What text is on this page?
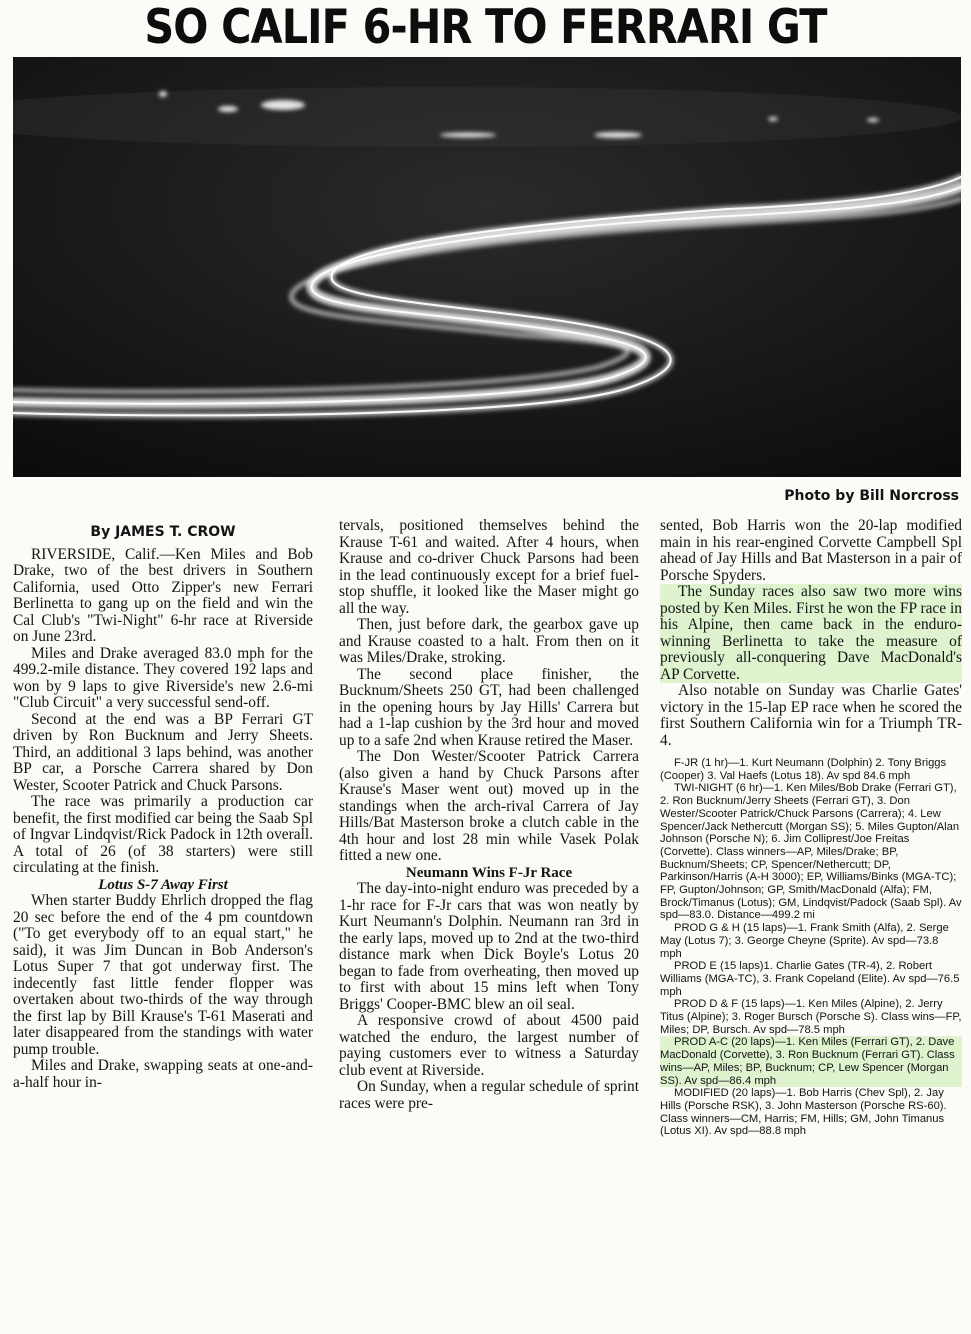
SO CALIF 6-HR TO FERRARI GT
Photo by Bill Norcross
By JAMES T. CROW

RIVERSIDE, Calif.—Ken Miles and Bob Drake, two of the best drivers in Southern California, used Otto Zipper's new Ferrari Berlinetta to gang up on the field and win the Cal Club's "Twi-Night" 6-hr race at Riverside on June 23rd.

Miles and Drake averaged 83.0 mph for the 499.2-mile distance. They covered 192 laps and won by 9 laps to give Riverside's new 2.6-mi "Club Circuit" a very successful send-off.

Second at the end was a BP Ferrari GT driven by Ron Bucknum and Jerry Sheets. Third, an additional 3 laps behind, was another BP car, a Porsche Carrera shared by Don Wester, Scooter Patrick and Chuck Parsons.

The race was primarily a production car benefit, the first modified car being the Saab Spl of Ingvar Lindqvist/Rick Padock in 12th overall. A total of 26 (of 38 starters) were still circulating at the finish.

Lotus S-7 Away First

When starter Buddy Ehrlich dropped the flag 20 sec before the end of the 4 pm countdown ("To get everybody off to an equal start," he said), it was Jim Duncan in Bob Anderson's Lotus Super 7 that got underway first. The indecently fast little fender flopper was overtaken about two-thirds of the way through the first lap by Bill Krause's T-61 Maserati and later disappeared from the standings with water pump trouble.

Miles and Drake, swapping seats at one-and-a-half hour in-

tervals, positioned themselves behind the Krause T-61 and waited. After 4 hours, when Krause and co-driver Chuck Parsons had been in the lead continuously except for a brief fuel-stop shuffle, it looked like the Maser might go all the way.

Then, just before dark, the gearbox gave up and Krause coasted to a halt. From then on it was Miles/Drake, stroking.

The second place finisher, the Bucknum/Sheets 250 GT, had been challenged in the opening hours by Jay Hills' Carrera but had a 1-lap cushion by the 3rd hour and moved up to a safe 2nd when Krause retired the Maser.

The Don Wester/Scooter Patrick Carrera (also given a hand by Chuck Parsons after Krause's Maser went out) moved up in the standings when the arch-rival Carrera of Jay Hills/Bat Masterson broke a clutch cable in the 4th hour and lost 28 min while Vasek Polak fitted a new one.

Neumann Wins F-Jr Race

The day-into-night enduro was preceded by a 1-hr race for F-Jr cars that was won neatly by Kurt Neumann's Dolphin. Neumann ran 3rd in the early laps, moved up to 2nd at the two-third distance mark when Dick Boyle's Lotus 20 began to fade from overheating, then moved up to first with about 15 mins left when Tony Briggs' Cooper-BMC blew an oil seal.

A responsive crowd of about 4500 paid watched the enduro, the largest number of paying customers ever to witness a Saturday club event at Riverside.

On Sunday, when a regular schedule of sprint races were pre-

sented, Bob Harris won the 20-lap modified main in his rear-engined Corvette Campbell Spl ahead of Jay Hills and Bat Masterson in a pair of Porsche Spyders.

The Sunday races also saw two more wins posted by Ken Miles. First he won the FP race in his Alpine, then came back in the enduro-winning Berlinetta to take the measure of previously all-conquering Dave MacDonald's AP Corvette.

Also notable on Sunday was Charlie Gates' victory in the 15-lap EP race when he scored the first Southern California win for a Triumph TR-4.

F-JR (1 hr)—1. Kurt Neumann (Dolphin) 2. Tony Briggs (Cooper) 3. Val Haefs (Lotus 18). Av spd 84.6 mph

TWI-NIGHT (6 hr)—1. Ken Miles/Bob Drake (Ferrari GT), 2. Ron Bucknum/Jerry Sheets (Ferrari GT), 3. Don Wester/Scooter Patrick/Chuck Parsons (Carrera); 4. Lew Spencer/Jack Nethercutt (Morgan SS); 5. Miles Gupton/Alan Johnson (Porsche N); 6. Jim Colliprest/Joe Freitas (Corvette). Class winners—AP, Miles/Drake; BP, Bucknum/Sheets; CP, Spencer/Nethercutt; DP, Parkinson/Harris (A-H 3000); EP, Williams/Binks (MGA-TC); FP, Gupton/Johnson; GP, Smith/MacDonald (Alfa); FM, Brock/Timanus (Lotus); GM, Lindqvist/Padock (Saab Spl). Av spd—83.0. Distance—499.2 mi

PROD G & H (15 laps)—1. Frank Smith (Alfa), 2. Serge May (Lotus 7); 3. George Cheyne (Sprite). Av spd—73.8 mph

PROD E (15 laps)1. Charlie Gates (TR-4), 2. Robert Williams (MGA-TC), 3. Frank Copeland (Elite). Av spd—76.5 mph

PROD D & F (15 laps)—1. Ken Miles (Alpine), 2. Jerry Titus (Alpine); 3. Roger Bursch (Porsche S). Class wins—FP, Miles; DP, Bursch. Av spd—78.5 mph

PROD A-C (20 laps)—1. Ken Miles (Ferrari GT), 2. Dave MacDonald (Corvette), 3. Ron Bucknum (Ferrari GT). Class wins—AP, Miles; BP, Bucknum; CP, Lew Spencer (Morgan SS). Av spd—86.4 mph

MODIFIED (20 laps)—1. Bob Harris (Chev Spl), 2. Jay Hills (Porsche RSK), 3. John Masterson (Porsche RS-60). Class winners—CM, Harris; FM, Hills; GM, John Timanus (Lotus XI). Av spd—88.8 mph
